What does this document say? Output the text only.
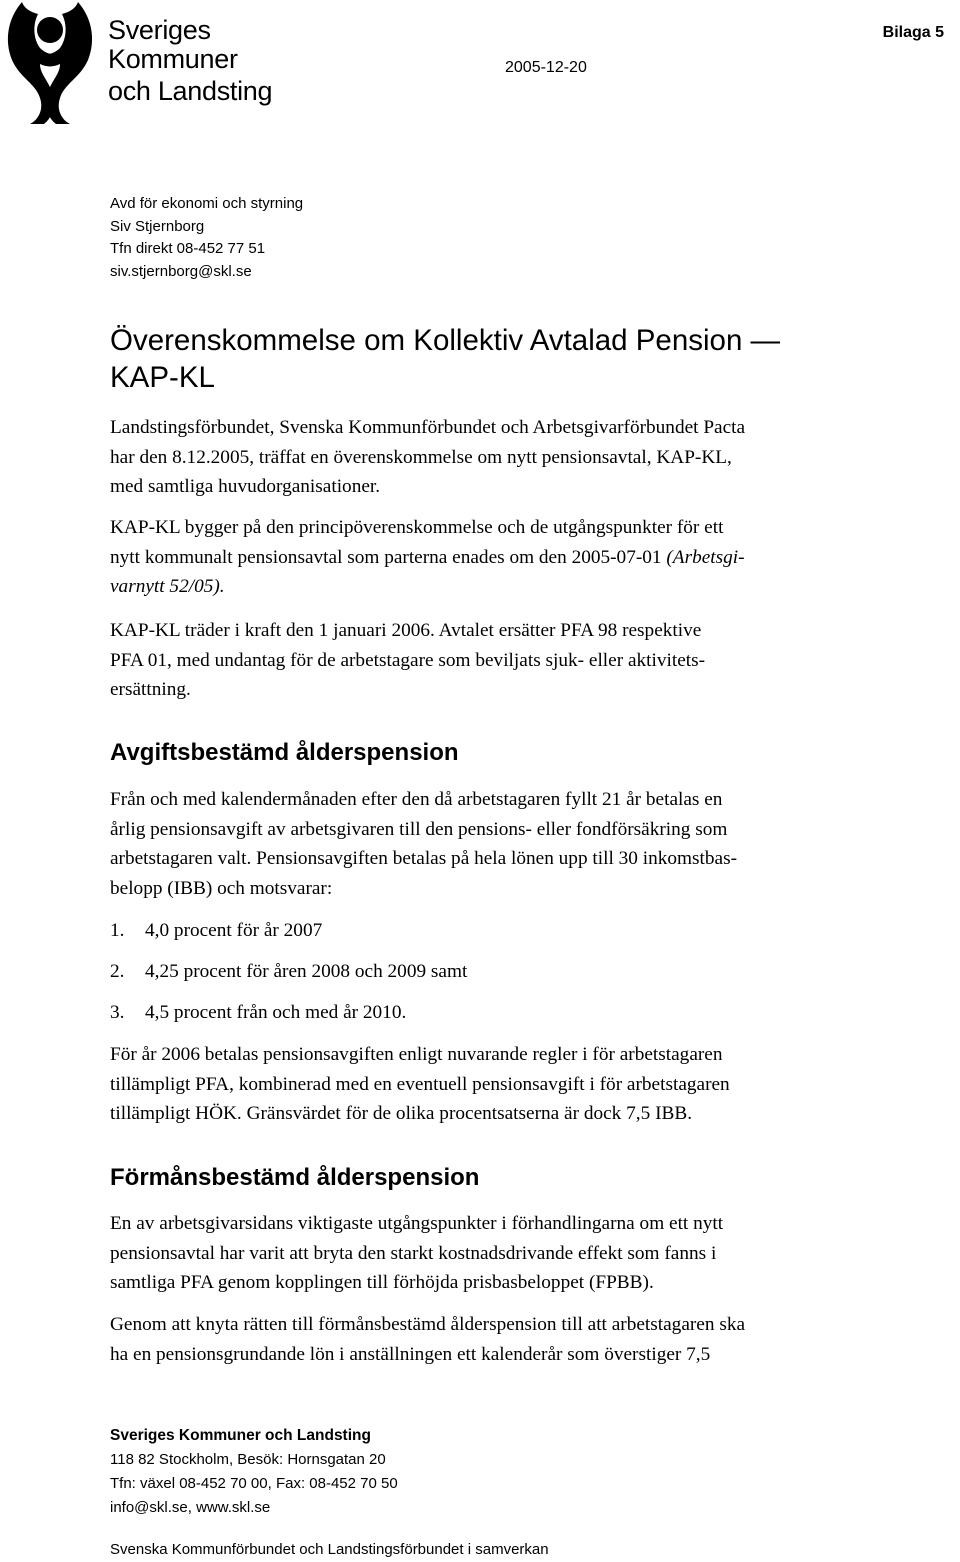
Sveriges
Kommuner
och Landsting
2005-12-20
Bilaga 5
Avd för ekonomi och styrning
Siv Stjernborg
Tfn direkt 08-452 77 51
siv.stjernborg@skl.se
Överenskommelse om Kollektiv Avtalad Pension —
KAP-KL
Landstingsförbundet, Svenska Kommunförbundet och Arbetsgivarförbundet Pacta
har den 8.12.2005, träffat en överenskommelse om nytt pensionsavtal, KAP-KL,
med samtliga huvudorganisationer.
KAP-KL bygger på den principöverenskommelse och de utgångspunkter för ett
nytt kommunalt pensionsavtal som parterna enades om den 2005-07-01 (Arbetsgi-
varnytt 52/05).
KAP-KL träder i kraft den 1 januari 2006. Avtalet ersätter PFA 98 respektive
PFA 01, med undantag för de arbetstagare som beviljats sjuk- eller aktivitets-
ersättning.
Avgiftsbestämd ålderspension
Från och med kalendermånaden efter den då arbetstagaren fyllt 21 år betalas en
årlig pensionsavgift av arbetsgivaren till den pensions- eller fondförsäkring som
arbetstagaren valt. Pensionsavgiften betalas på hela lönen upp till 30 inkomstbas-
belopp (IBB) och motsvarar:
1. 4,0 procent för år 2007
2. 4,25 procent för åren 2008 och 2009 samt
3. 4,5 procent från och med år 2010.
För år 2006 betalas pensionsavgiften enligt nuvarande regler i för arbetstagaren
tillämpligt PFA, kombinerad med en eventuell pensionsavgift i för arbetstagaren
tillämpligt HÖK. Gränsvärdet för de olika procentsatserna är dock 7,5 IBB.
Förmånsbestämd ålderspension
En av arbetsgivarsidans viktigaste utgångspunkter i förhandlingarna om ett nytt
pensionsavtal har varit att bryta den starkt kostnadsdrivande effekt som fanns i
samtliga PFA genom kopplingen till förhöjda prisbasbeloppet (FPBB).
Genom att knyta rätten till förmånsbestämd ålderspension till att arbetstagaren ska
ha en pensionsgrundande lön i anställningen ett kalenderår som överstiger 7,5
Sveriges Kommuner och Landsting
118 82 Stockholm, Besök: Hornsgatan 20
Tfn: växel 08-452 70 00, Fax: 08-452 70 50
info@skl.se, www.skl.se
Svenska Kommunförbundet och Landstingsförbundet i samverkan
